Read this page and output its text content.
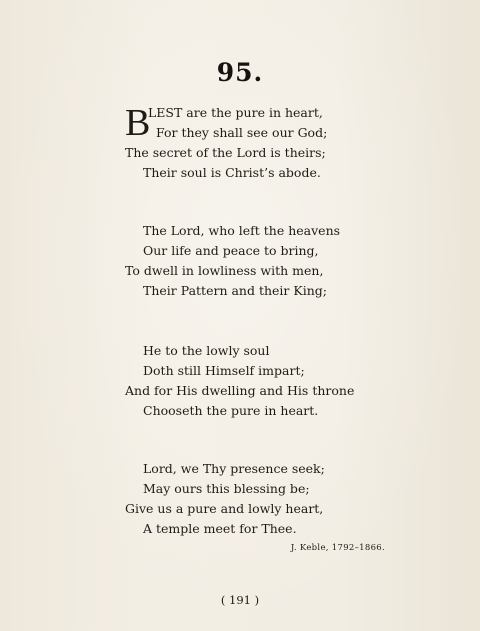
95.
B
LEST are the pure in heart,
For they shall see our God;
The secret of the Lord is theirs;
Their soul is Christ’s abode.
The Lord, who left the heavens
Our life and peace to bring,
To dwell in lowliness with men,
Their Pattern and their King;
He to the lowly soul
Doth still Himself impart;
And for His dwelling and His throne
Chooseth the pure in heart.
Lord, we Thy presence seek;
May ours this blessing be;
Give us a pure and lowly heart,
A temple meet for Thee.
J. Keble, 1792–1866.
( 191 )
